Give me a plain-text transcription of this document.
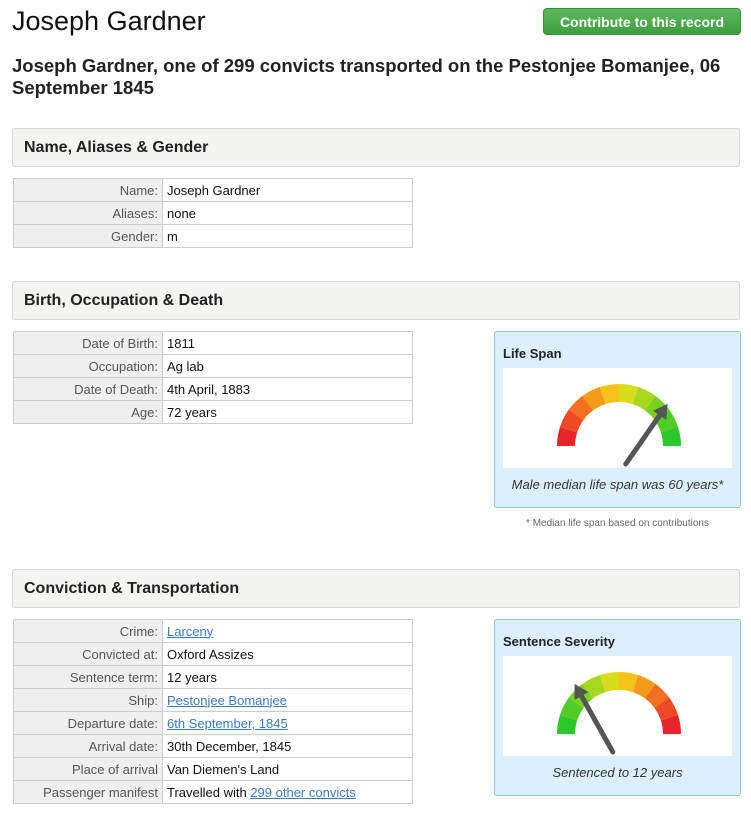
Joseph Gardner	Contribute to this record

Joseph Gardner, one of 299 convicts transported on the Pestonjee Bomanjee, 06 September 1845

Name, Aliases & Gender
Name:	Joseph Gardner
Aliases:	none
Gender:	m
Birth, Occupation & Death
Date of Birth:	1811
Occupation:	Ag lab
Date of Death:	4th April, 1883
Age:	72 years
Life Span
Male median life span was 60 years*
* Median life span based on contributions
Conviction & Transportation
Crime:	Larceny
Convicted at:	Oxford Assizes
Sentence term:	12 years
Ship:	Pestonjee Bomanjee
Departure date:	6th September, 1845
Arrival date:	30th December, 1845
Place of arrival	Van Diemen's Land
Passenger manifest	Travelled with 299 other convicts
Sentence Severity
Sentenced to 12 years
